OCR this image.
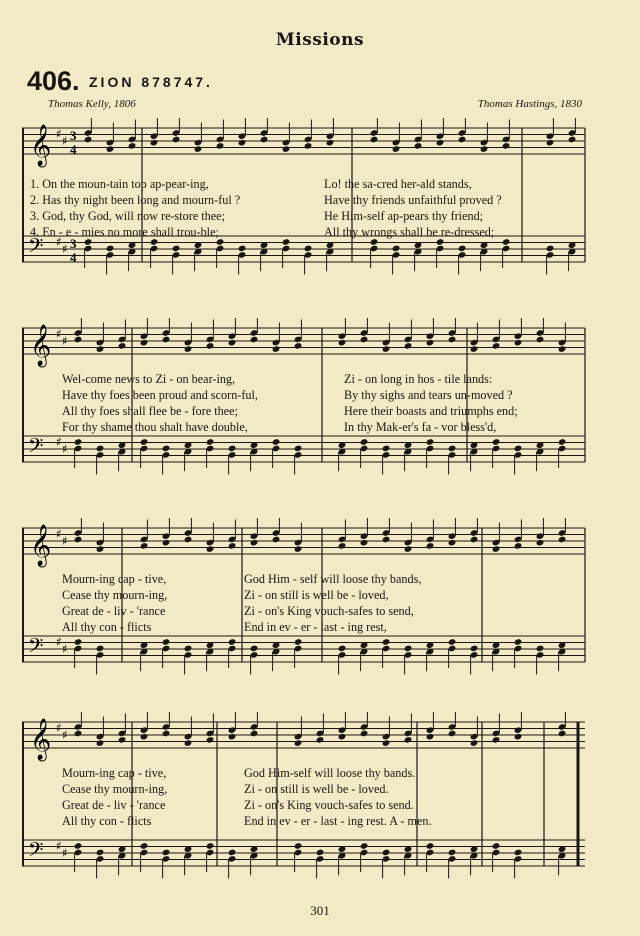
Missions
406. ZION 878747.
Thomas Kelly, 1806	Thomas Hastings, 1830
𝄞
𝄢
♯ ♯
♯ ♯
3
4
3
4
1. On the moun-tain top ap-pear-ing,	Lo! the sa-cred her-ald stands,
2. Has thy night been long and mourn-ful ?	Have thy friends unfaithful proved ?
3. God, thy God, will now re-store thee;	He Him-self ap-pears thy friend;
4. En - e - mies no more shall trou-ble;	All thy wrongs shall be re-dressed;
𝄞
𝄢
♯ ♯
♯ ♯
Wel-come news to Zi - on bear-ing,	Zi - on long in hos - tile lands:
Have thy foes been proud and scorn-ful,	By thy sighs and tears un-moved ?
All thy foes shall flee be - fore thee;	Here their boasts and triumphs end;
For thy shame thou shalt have double,	In thy Mak-er's fa - vor bless'd,
𝄞
𝄢
♯ ♯
♯ ♯
Mourn-ing cap - tive,	God Him - self will loose thy bands,
Cease thy mourn-ing,	Zi - on still is well be - loved,
Great de - liv - 'rance	Zi - on's King vouch-safes to send,
All thy con - flicts	End in ev - er - last - ing rest,
𝄞
𝄢
♯ ♯
♯ ♯
Mourn-ing cap - tive,	God Him-self will loose thy bands.
Cease thy mourn-ing,	Zi - on still is well be - loved.
Great de - liv - 'rance	Zi - on's King vouch-safes to send.
All thy con - flicts	End in ev - er - last - ing rest. A - men.
301
